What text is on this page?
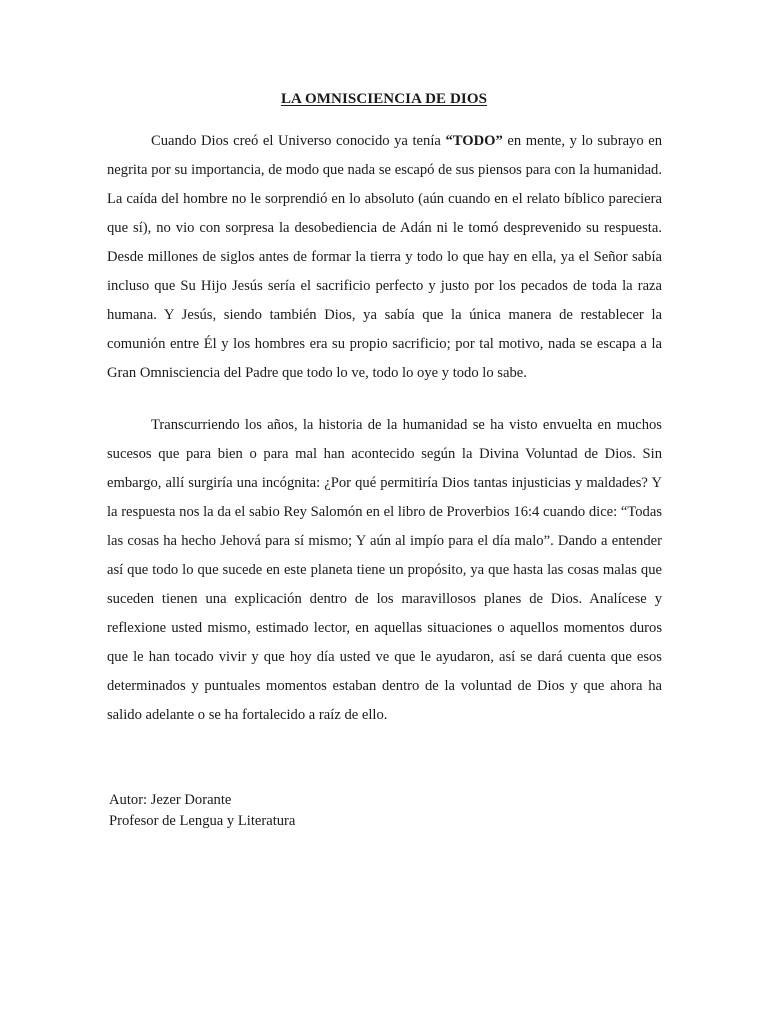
LA OMNISCIENCIA DE DIOS

Cuando Dios creó el Universo conocido ya tenía “TODO” en mente, y lo subrayo en negrita por su importancia, de modo que nada se escapó de sus piensos para con la humanidad. La caída del hombre no le sorprendió en lo absoluto (aún cuando en el relato bíblico pareciera que sí), no vio con sorpresa la desobediencia de Adán ni le tomó desprevenido su respuesta. Desde millones de siglos antes de formar la tierra y todo lo que hay en ella, ya el Señor sabía incluso que Su Hijo Jesús sería el sacrificio perfecto y justo por los pecados de toda la raza humana. Y Jesús, siendo también Dios, ya sabía que la única manera de restablecer la comunión entre Él y los hombres era su propio sacrificio; por tal motivo, nada se escapa a la Gran Omnisciencia del Padre que todo lo ve, todo lo oye y todo lo sabe.

Transcurriendo los años, la historia de la humanidad se ha visto envuelta en muchos sucesos que para bien o para mal han acontecido según la Divina Voluntad de Dios. Sin embargo, allí surgiría una incógnita: ¿Por qué permitiría Dios tantas injusticias y maldades? Y la respuesta nos la da el sabio Rey Salomón en el libro de Proverbios 16:4 cuando dice: “Todas las cosas ha hecho Jehová para sí mismo; Y aún al impío para el día malo”. Dando a entender así que todo lo que sucede en este planeta tiene un propósito, ya que hasta las cosas malas que suceden tienen una explicación dentro de los maravillosos planes de Dios. Analícese y reflexione usted mismo, estimado lector, en aquellas situaciones o aquellos momentos duros que le han tocado vivir y que hoy día usted ve que le ayudaron, así se dará cuenta que esos determinados y puntuales momentos estaban dentro de la voluntad de Dios y que ahora ha salido adelante o se ha fortalecido a raíz de ello.

Autor: Jezer Dorante
Profesor de Lengua y Literatura
